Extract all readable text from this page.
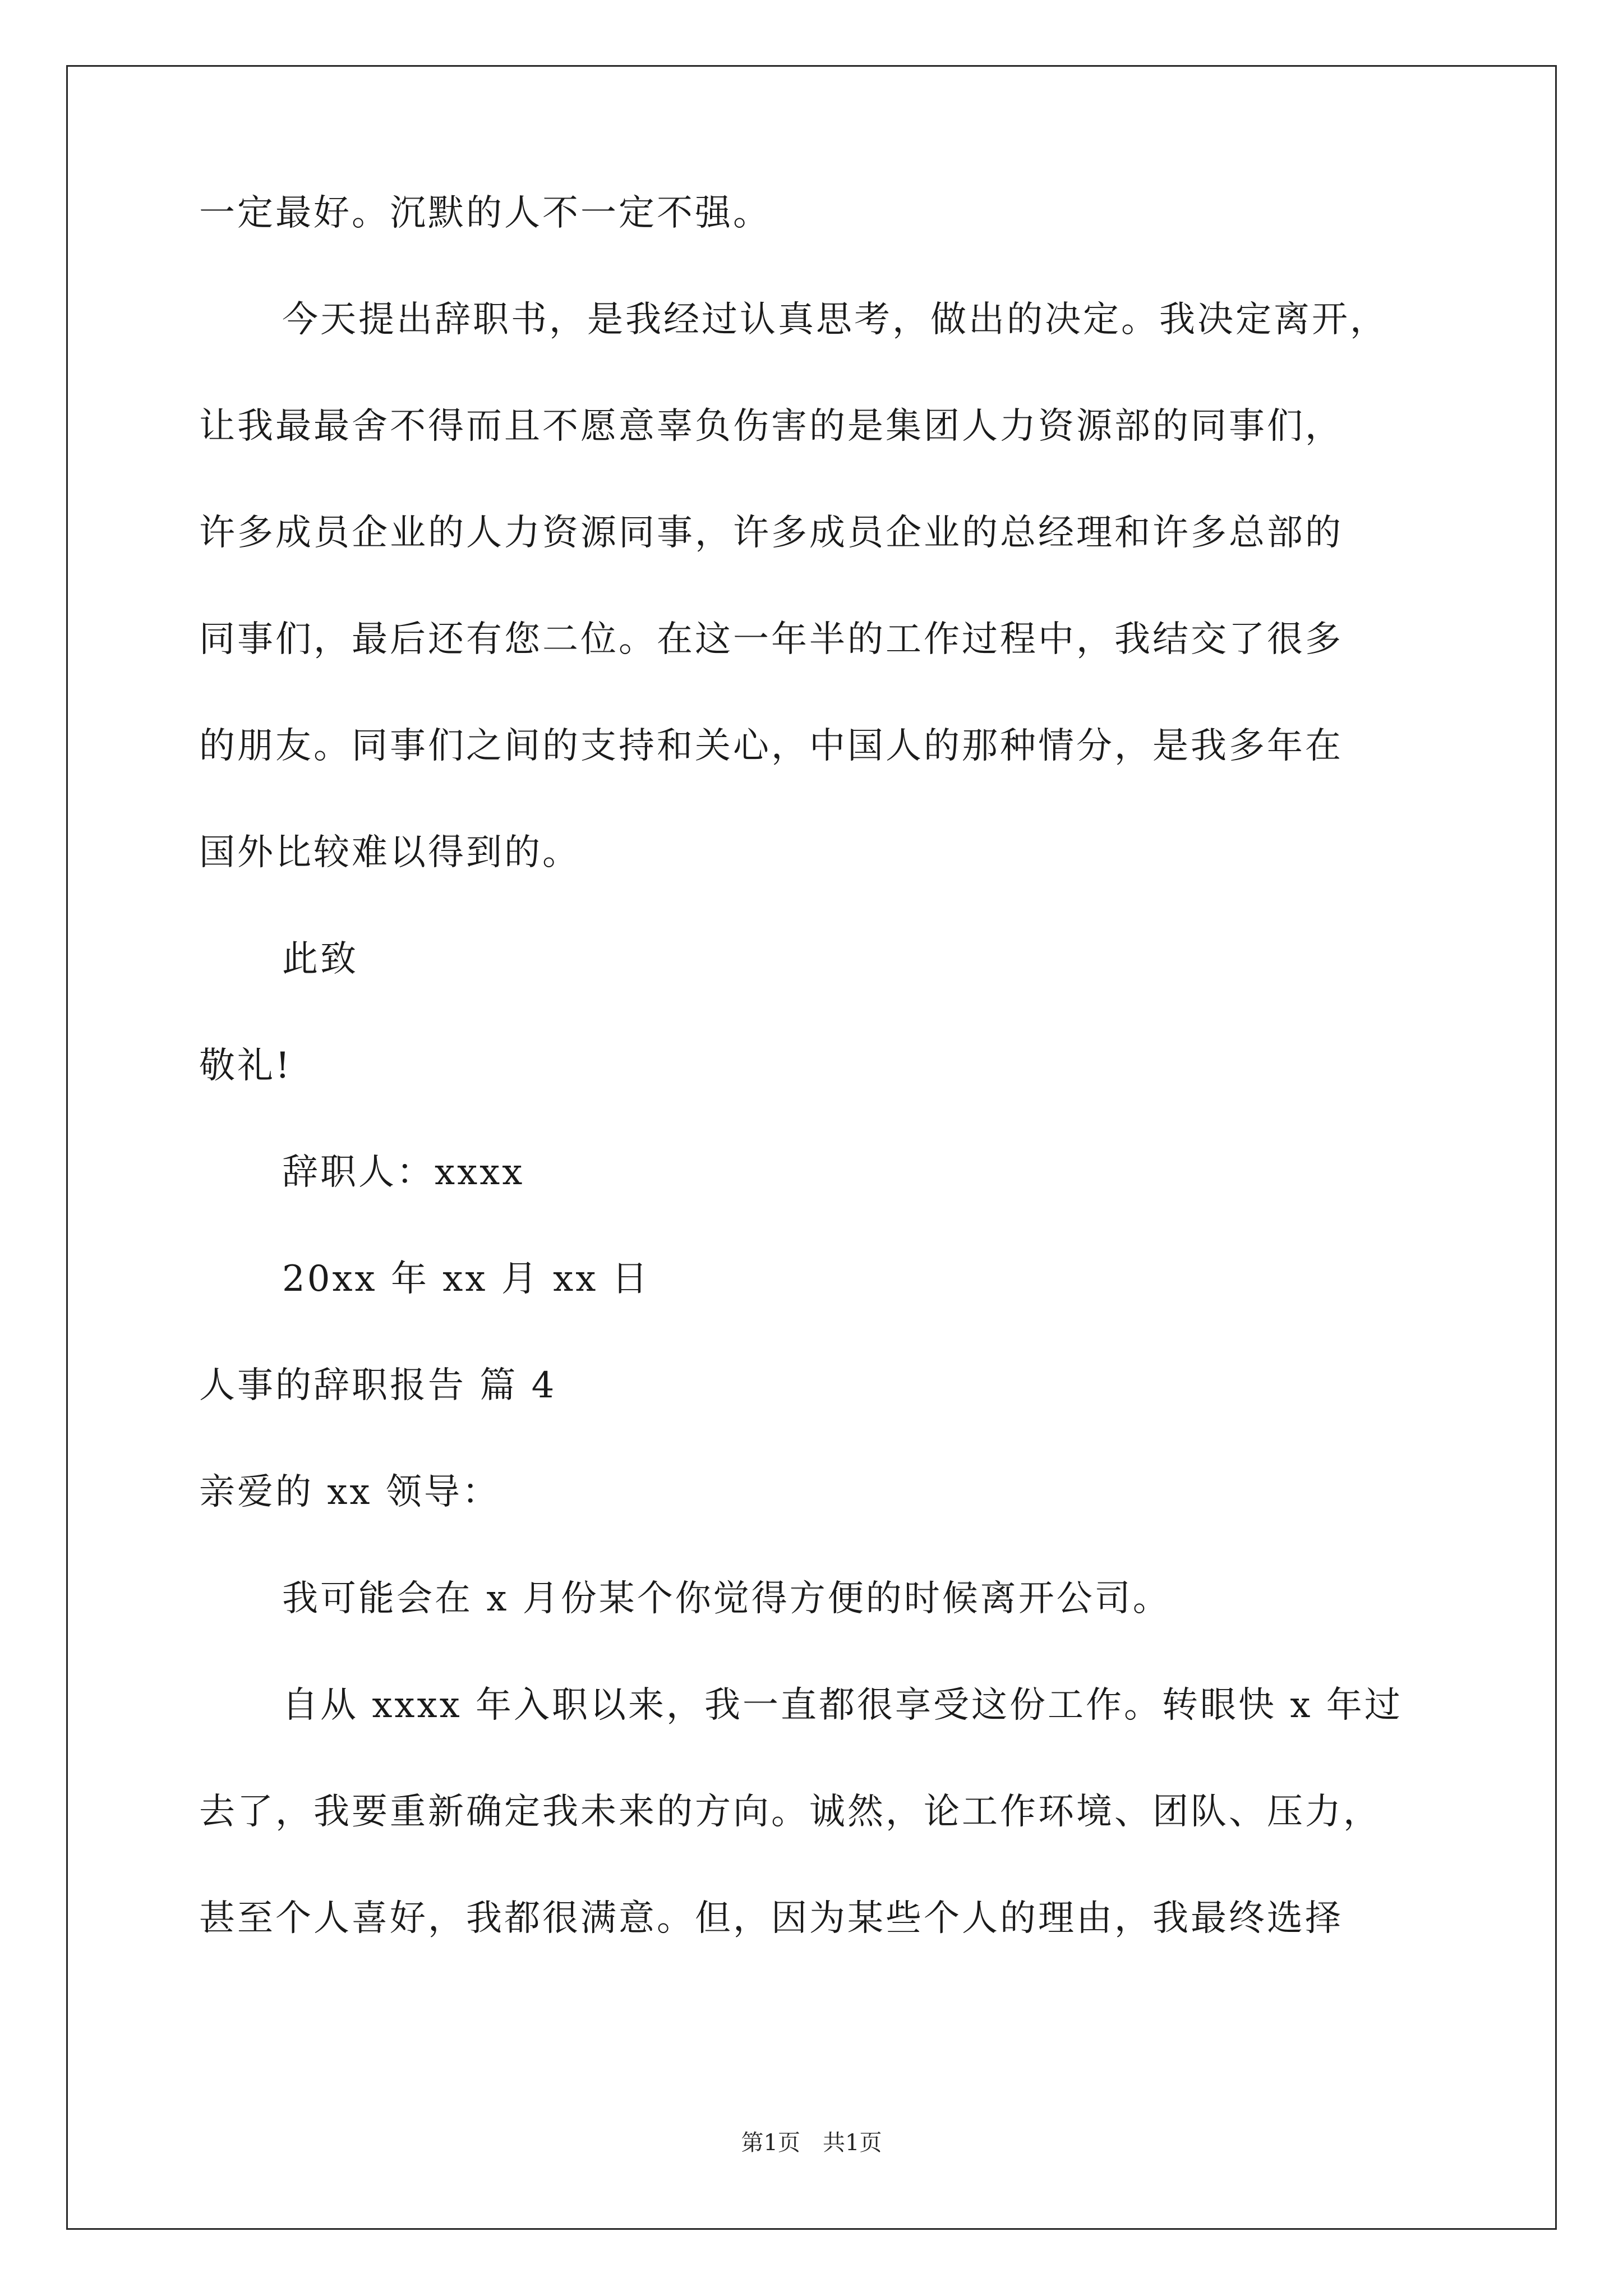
一定最好。沉默的人不一定不强。
今天提出辞职书，是我经过认真思考，做出的决定。我决定离开，
让我最最舍不得而且不愿意辜负伤害的是集团人力资源部的同事们，
许多成员企业的人力资源同事，许多成员企业的总经理和许多总部的
同事们，最后还有您二位。在这一年半的工作过程中，我结交了很多
的朋友。同事们之间的支持和关心，中国人的那种情分，是我多年在
国外比较难以得到的。
此致
敬礼!
辞职人：xxxx
20xx 年 xx 月 xx 日
人事的辞职报告 篇 4
亲爱的 xx 领导：
我可能会在 x 月份某个你觉得方便的时候离开公司。
自从 xxxx 年入职以来，我一直都很享受这份工作。转眼快 x 年过
去了，我要重新确定我未来的方向。诚然，论工作环境、团队、压力，
甚至个人喜好，我都很满意。但，因为某些个人的理由，我最终选择
第1页　共1页
